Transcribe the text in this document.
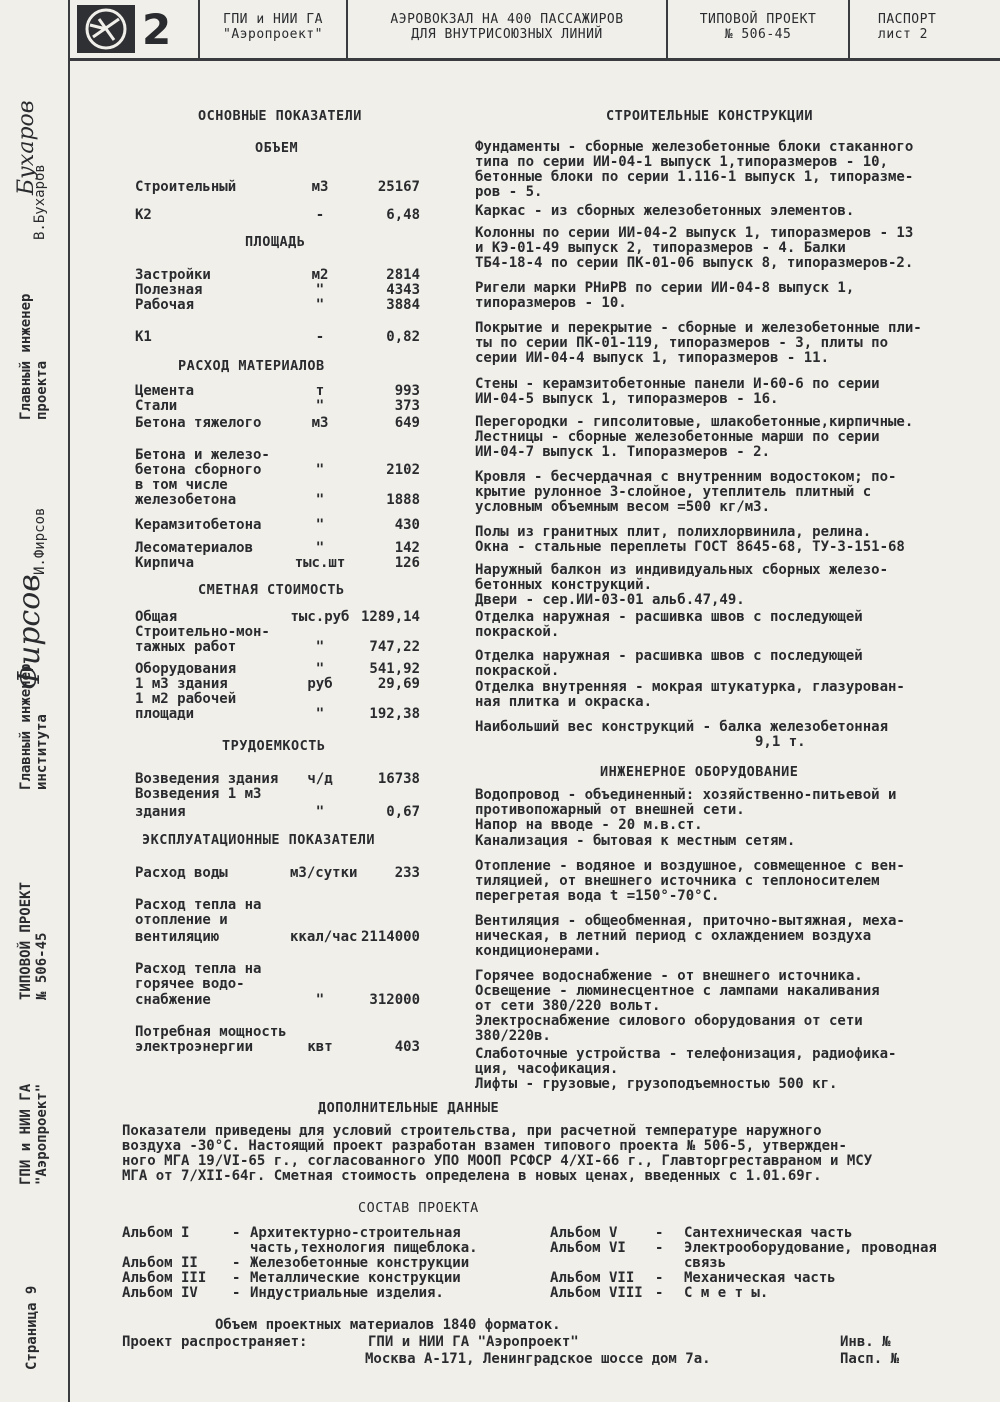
Главный инженер проекта
В.Бухаров
Бухаров
Главный инженер института
И.Фирсов
Фирсов
ТИПОВОЙ ПРОЕКТ № 506-45
ГПИ и НИИ ГА "Аэропроект"
Страница 9
2	ГПИ и НИИ ГА
"Аэропроект"
АЭРОВОКЗАЛ НА 400 ПАССАЖИРОВ
ДЛЯ ВНУТРИСОЮЗНЫХ ЛИНИЙ
ТИПОВОЙ ПРОЕКТ
№ 506-45
ПАСПОРТ
лист 2
ОСНОВНЫЕ ПОКАЗАТЕЛИ
ОБЪЕМ
ПЛОЩАДЬ
РАСХОД МАТЕРИАЛОВ
СМЕТНАЯ СТОИМОСТЬ
ТРУДОЕМКОСТЬ
ЭКСПЛУАТАЦИОННЫЕ ПОКАЗАТЕЛИ
СТРОИТЕЛЬНЫЕ КОНСТРУКЦИИ
ИНЖЕНЕРНОЕ ОБОРУДОВАНИЕ
ДОПОЛНИТЕЛЬНЫЕ ДАННЫЕ
СОСТАВ ПРОЕКТА
Объем проектных материалов 1840 форматок.
Проект распространяет:	ГПИ и НИИ ГА "Аэропроект"
Москва А-171, Ленинградское шоссе дом 7а.
Инв. №
Пасп. №
Строительный	м3	25167
К2	-	6,48
Застройки	м2	2814
Полезная	"	4343
Рабочая	"	3884
К1	-	0,82
Цемента	т	993
Стали	"	373
Бетона тяжелого	м3	649
Бетона и железо-
бетона сборного	"	2102
в том числе
железобетона	"	1888
Керамзитобетона	"	430
Лесоматериалов	"	142
Кирпича	тыс.шт	126
Общая	тыс.руб 1289,14
Строительно-мон-
тажных работ	"	747,22
Оборудования	"	541,92
1 м3 здания	руб	29,69
1 м2 рабочей
площади	"	192,38
Возведения здания	ч/д	16738
Возведения 1 м3
здания	"	0,67
Расход воды	м3/сутки	233
Расход тепла на
отопление и
вентиляцию	ккал/час 2114000
Расход тепла на
горячее водо-
снабжение	"	312000
Потребная мощность
электроэнергии	квт	403
Фундаменты - сборные железобетонные блоки стаканного
типа по серии ИИ-04-1 выпуск 1,типоразмеров - 10,
бетонные блоки по серии 1.116-1 выпуск 1, типоразме-
ров - 5.
Каркас - из сборных железобетонных элементов.
Колонны по серии ИИ-04-2 выпуск 1, типоразмеров - 13
и КЭ-01-49 выпуск 2, типоразмеров - 4. Балки
ТБ4-18-4 по серии ПК-01-06 выпуск 8, типоразмеров-2.
Ригели марки РНиРВ по серии ИИ-04-8 выпуск 1,
типоразмеров - 10.
Покрытие и перекрытие - сборные и железобетонные пли-
ты по серии ПК-01-119, типоразмеров - 3, плиты по
серии ИИ-04-4 выпуск 1, типоразмеров - 11.
Стены - керамзитобетонные панели И-60-6 по серии
ИИ-04-5 выпуск 1, типоразмеров - 16.
Перегородки - гипсолитовые, шлакобетонные,кирпичные.
Лестницы - сборные железобетонные марши по серии
ИИ-04-7 выпуск 1. Типоразмеров - 2.
Кровля - бесчердачная с внутренним водостоком; по-
крытие рулонное 3-слойное, утеплитель плитный с
условным объемным весом =500 кг/м3.
Полы из гранитных плит, полихлорвинила, релина.
Окна - стальные переплеты ГОСТ 8645-68, ТУ-3-151-68
Наружный балкон из индивидуальных сборных железо-
бетонных конструкций.
Двери - сер.ИИ-03-01 альб.47,49.
Отделка наружная - расшивка швов с последующей
покраской.
Отделка наружная - расшивка швов с последующей
покраской.
Отделка внутренняя - мокрая штукатурка, глазурован-
ная плитка и окраска.
Наибольший вес конструкций - балка железобетонная
9,1 т.
Водопровод - объединенный: хозяйственно-питьевой и
противопожарный от внешней сети.
Напор на вводе - 20 м.в.ст.
Канализация - бытовая к местным сетям.
Отопление - водяное и воздушное, совмещенное с вен-
тиляцией, от внешнего источника с теплоносителем
перегретая вода t =150°-70°С.
Вентиляция - общеобменная, приточно-вытяжная, меха-
ническая, в летний период с охлаждением воздуха
кондиционерами.
Горячее водоснабжение - от внешнего источника.
Освещение - люминесцентное с лампами накаливания
от сети 380/220 вольт.
Электроснабжение силового оборудования от сети
380/220в.
Слаботочные устройства - телефонизация, радиофика-
ция, часофикация.
Лифты - грузовые, грузоподъемностью 500 кг.
Показатели приведены для условий строительства, при расчетной температуре наружного
воздуха -30°С. Настоящий проект разработан взамен типового проекта № 506-5, утвержден-
ного МГА 19/VI-65 г., согласованного УПО МООП РСФСР 4/XI-66 г., Главторгреставраном и МСУ
МГА от 7/XII-64г. Сметная стоимость определена в новых ценах, введенных с 1.01.69г.
Альбом I	- Архитектурно-строительная
часть,технология пищеблока.
Альбом II - Железобетонные конструкции
Альбом III - Металлические конструкции
Альбом IV - Индустриальные изделия.
Альбом V	- Сантехническая часть
Альбом VI - Электрооборудование, проводная
связь
Альбом VII - Механическая часть
Альбом VIII - С м е т ы.
